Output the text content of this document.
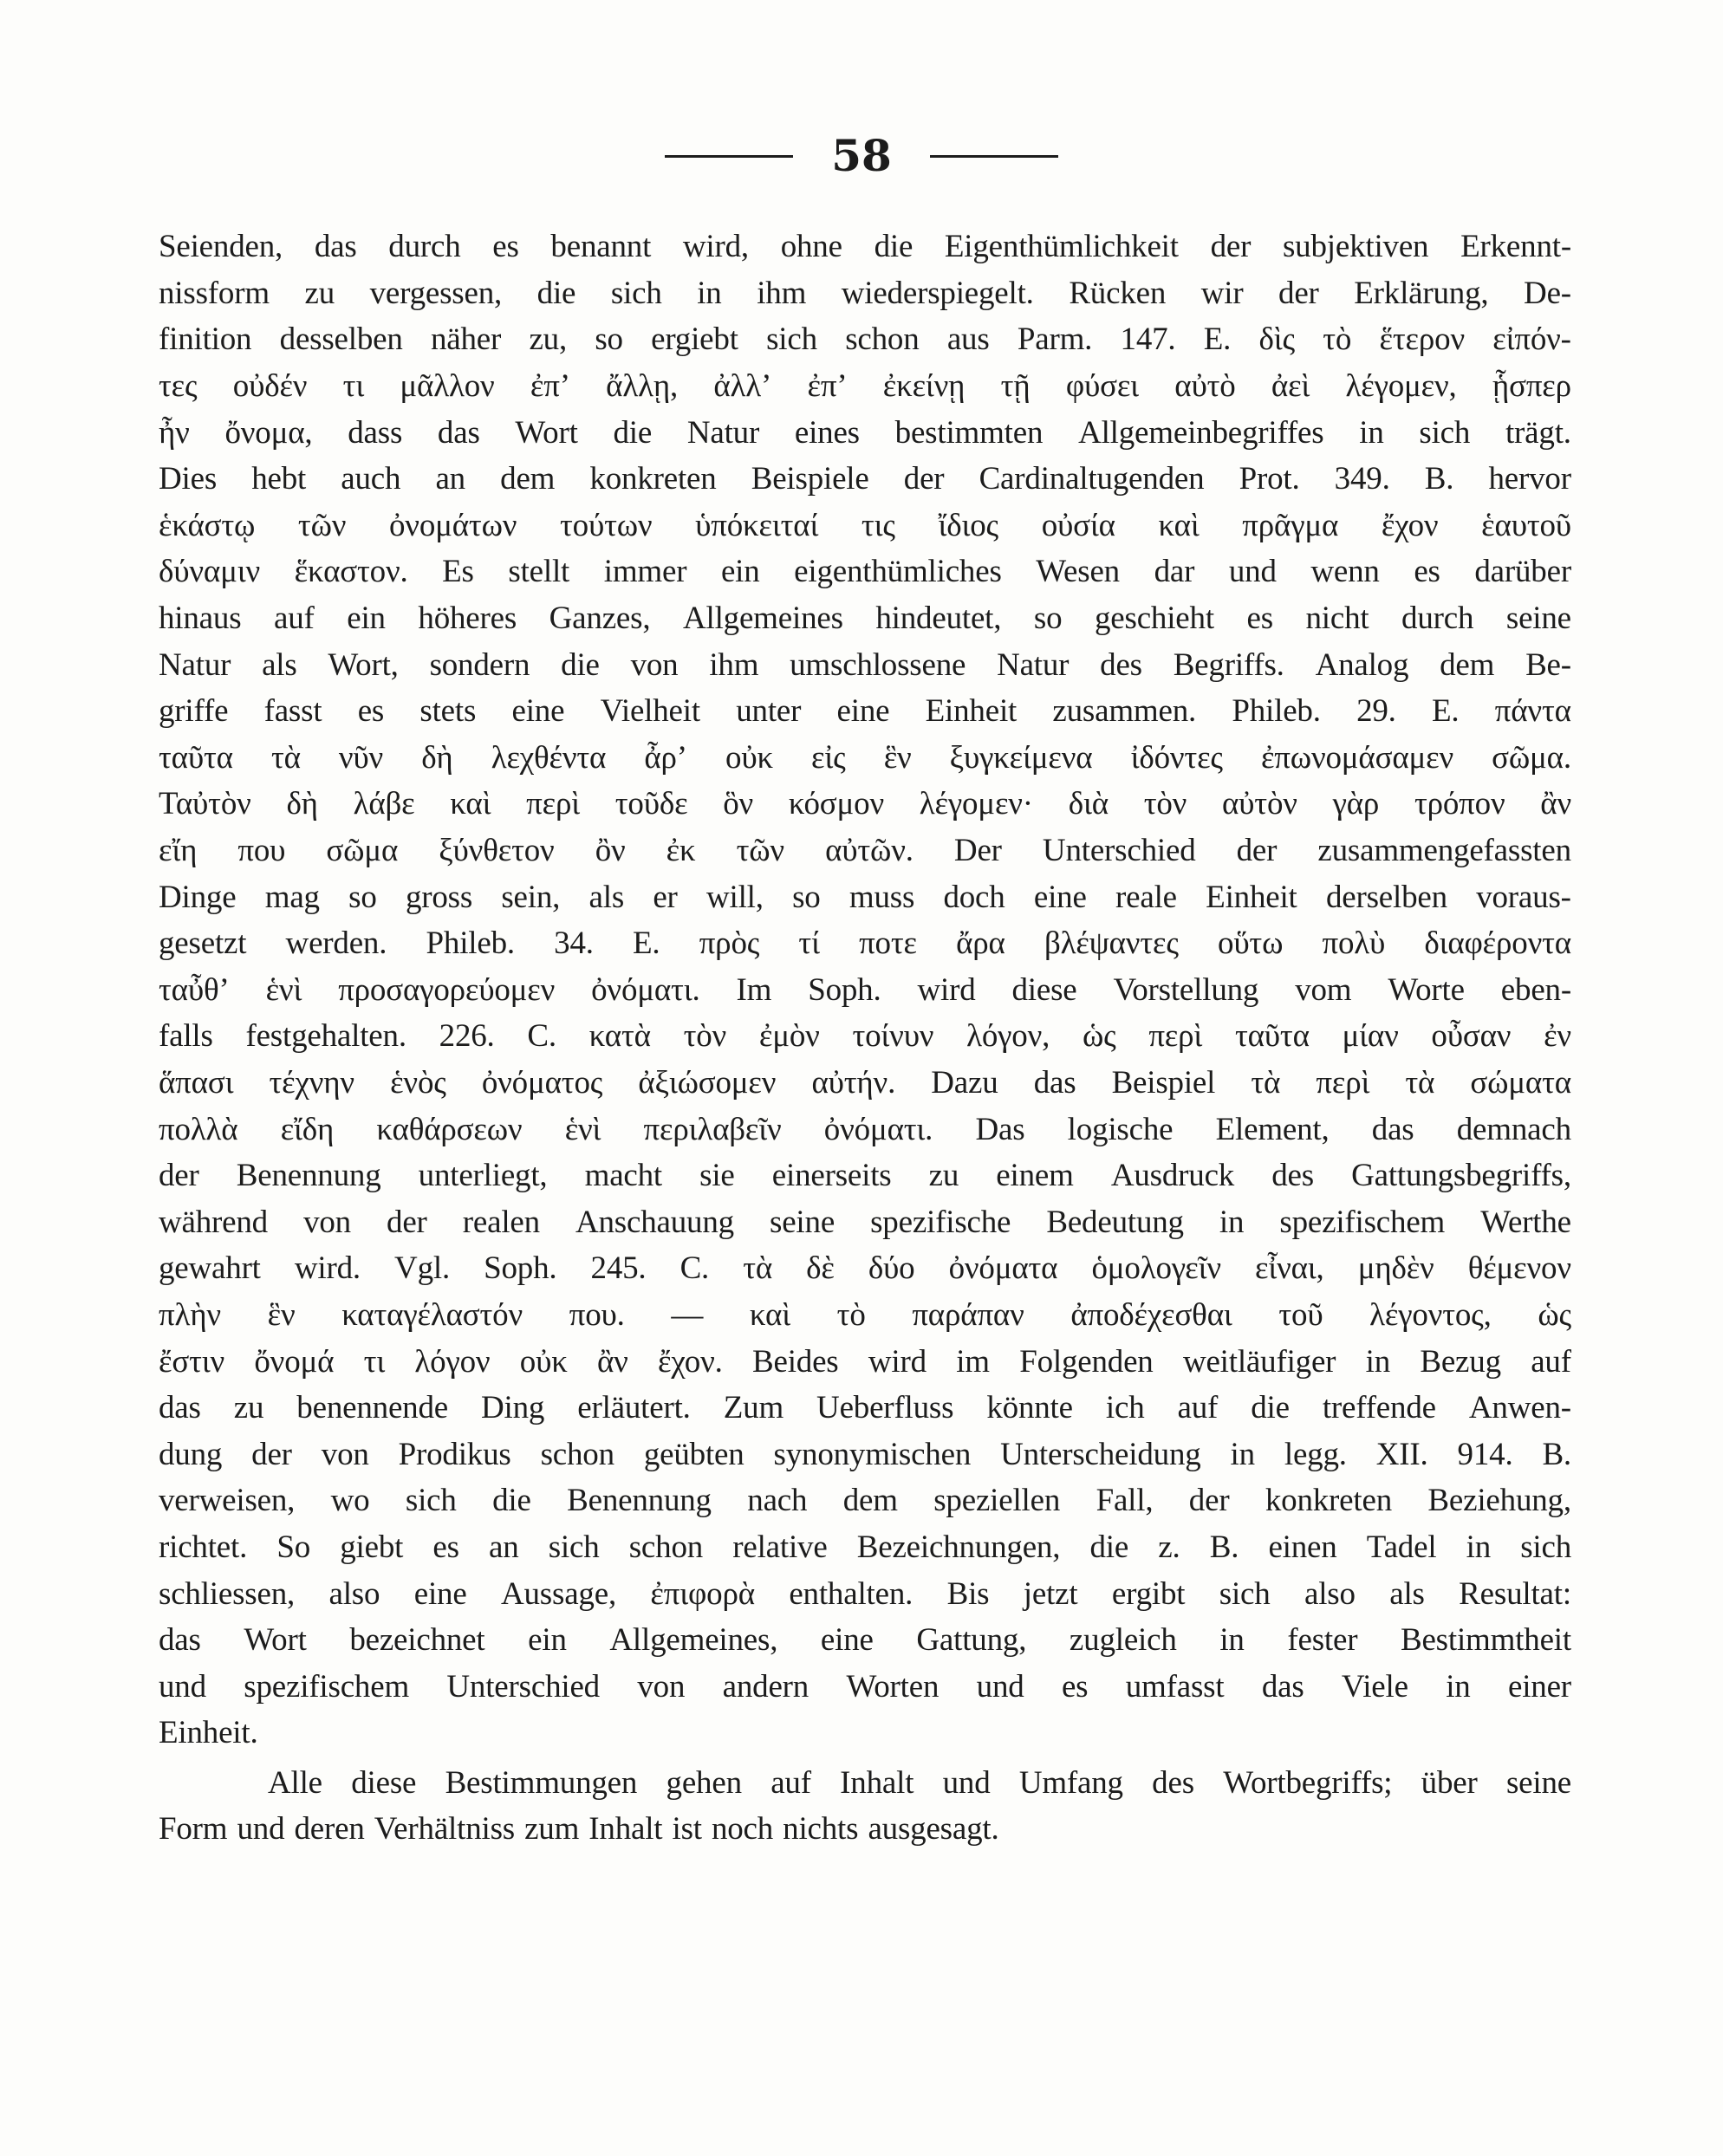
58
Seienden, das durch es benannt wird, ohne die Eigenthümlichkeit der subjektiven Erkennt-
nissform zu vergessen, die sich in ihm wiederspiegelt. Rücken wir der Erklärung, De-
finition desselben näher zu, so ergiebt sich schon aus Parm. 147. E. δὶς τὸ ἕτερον εἰπόν-
τες οὐδέν τι μᾶλλον ἐπ’ ἄλλῃ, ἀλλ’ ἐπ’ ἐκείνῃ τῇ φύσει αὐτὸ ἀεὶ λέγομεν, ᾗσπερ
ἦν ὄνομα, dass das Wort die Natur eines bestimmten Allgemeinbegriffes in sich trägt.
Dies hebt auch an dem konkreten Beispiele der Cardinaltugenden Prot. 349. B. hervor
ἑκάστῳ τῶν ὀνομάτων τούτων ὑπόκειταί τις ἴδιος οὐσία καὶ πρᾶγμα ἔχον ἑαυτοῦ
δύναμιν ἕκαστον. Es stellt immer ein eigenthümliches Wesen dar und wenn es darüber
hinaus auf ein höheres Ganzes, Allgemeines hindeutet, so geschieht es nicht durch seine
Natur als Wort, sondern die von ihm umschlossene Natur des Begriffs. Analog dem Be-
griffe fasst es stets eine Vielheit unter eine Einheit zusammen. Phileb. 29. E. πάντα
ταῦτα τὰ νῦν δὴ λεχθέντα ἆρ’ οὐκ εἰς ἓν ξυγκείμενα ἰδόντες ἐπωνομάσαμεν σῶμα.
Ταὐτὸν δὴ λάβε καὶ περὶ τοῦδε ὃν κόσμον λέγομεν· διὰ τὸν αὐτὸν γὰρ τρόπον ἂν
εἴη που σῶμα ξύνθετον ὂν ἐκ τῶν αὐτῶν. Der Unterschied der zusammengefassten
Dinge mag so gross sein, als er will, so muss doch eine reale Einheit derselben voraus-
gesetzt werden. Phileb. 34. E. πρὸς τί ποτε ἄρα βλέψαντες οὕτω πολὺ διαφέροντα
ταὖθ’ ἑνὶ προσαγορεύομεν ὀνόματι. Im Soph. wird diese Vorstellung vom Worte eben-
falls festgehalten. 226. C. κατὰ τὸν ἐμὸν τοίνυν λόγον, ὡς περὶ ταῦτα μίαν οὖσαν ἐν
ἅπασι τέχνην ἑνὸς ὀνόματος ἀξιώσομεν αὐτήν. Dazu das Beispiel τὰ περὶ τὰ σώματα
πολλὰ εἴδη καθάρσεων ἑνὶ περιλαβεῖν ὀνόματι. Das logische Element, das demnach
der Benennung unterliegt, macht sie einerseits zu einem Ausdruck des Gattungsbegriffs,
während von der realen Anschauung seine spezifische Bedeutung in spezifischem Werthe
gewahrt wird. Vgl. Soph. 245. C. τὰ δὲ δύο ὀνόματα ὁμολογεῖν εἶναι, μηδὲν θέμενον
πλὴν ἓν καταγέλαστόν που. — καὶ τὸ παράπαν ἀποδέχεσθαι τοῦ λέγοντος, ὡς
ἔστιν ὄνομά τι λόγον οὐκ ἂν ἔχον. Beides wird im Folgenden weitläufiger in Bezug auf
das zu benennende Ding erläutert. Zum Ueberfluss könnte ich auf die treffende Anwen-
dung der von Prodikus schon geübten synonymischen Unterscheidung in legg. XII. 914. B.
verweisen, wo sich die Benennung nach dem speziellen Fall, der konkreten Beziehung,
richtet. So giebt es an sich schon relative Bezeichnungen, die z. B. einen Tadel in sich
schliessen, also eine Aussage, ἐπιφορὰ enthalten. Bis jetzt ergibt sich also als Resultat:
das Wort bezeichnet ein Allgemeines, eine Gattung, zugleich in fester Bestimmtheit
und spezifischem Unterschied von andern Worten und es umfasst das Viele in einer
Einheit.
Alle diese Bestimmungen gehen auf Inhalt und Umfang des Wortbegriffs; über seine
Form und deren Verhältniss zum Inhalt ist noch nichts ausgesagt.
